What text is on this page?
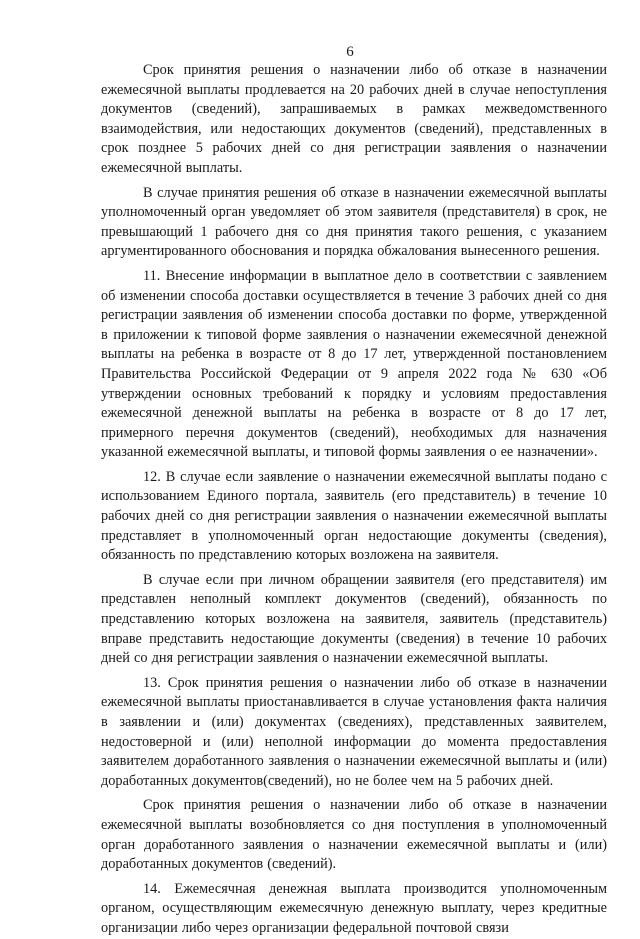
6

Срок принятия решения о назначении либо об отказе в назначении ежемесячной выплаты продлевается на 20 рабочих дней в случае непоступления документов (сведений), запрашиваемых в рамках межведомственного взаимодействия, или недостающих документов (сведений), представленных в срок позднее 5 рабочих дней со дня регистрации заявления о назначении ежемесячной выплаты.

В случае принятия решения об отказе в назначении ежемесячной выплаты уполномоченный орган уведомляет об этом заявителя (представителя) в срок, не превышающий 1 рабочего дня со дня принятия такого решения, с указанием аргументированного обоснования и порядка обжалования вынесенного решения.

11. Внесение информации в выплатное дело в соответствии с заявлением об изменении способа доставки осуществляется в течение 3 рабочих дней со дня регистрации заявления об изменении способа доставки по форме, утвержденной в приложении к типовой форме заявления о назначении ежемесячной денежной выплаты на ребенка в возрасте от 8 до 17 лет, утвержденной постановлением Правительства Российской Федерации от 9 апреля 2022 года № 630 «Об утверждении основных требований к порядку и условиям предоставления ежемесячной денежной выплаты на ребенка в возрасте от 8 до 17 лет, примерного перечня документов (сведений), необходимых для назначения указанной ежемесячной выплаты, и типовой формы заявления о ее назначении».

12. В случае если заявление о назначении ежемесячной выплаты подано с использованием Единого портала, заявитель (его представитель) в течение 10 рабочих дней со дня регистрации заявления о назначении ежемесячной выплаты представляет в уполномоченный орган недостающие документы (сведения), обязанность по представлению которых возложена на заявителя.

В случае если при личном обращении заявителя (его представителя) им представлен неполный комплект документов (сведений), обязанность по представлению которых возложена на заявителя, заявитель (представитель) вправе представить недостающие документы (сведения) в течение 10 рабочих дней со дня регистрации заявления о назначении ежемесячной выплаты.

13. Срок принятия решения о назначении либо об отказе в назначении ежемесячной выплаты приостанавливается в случае установления факта наличия в заявлении и (или) документах (сведениях), представленных заявителем, недостоверной и (или) неполной информации до момента предоставления заявителем доработанного заявления о назначении ежемесячной выплаты и (или) доработанных документов(сведений), но не более чем на 5 рабочих дней.

Срок принятия решения о назначении либо об отказе в назначении ежемесячной выплаты возобновляется со дня поступления в уполномоченный орган доработанного заявления о назначении ежемесячной выплаты и (или) доработанных документов (сведений).

14. Ежемесячная денежная выплата производится уполномоченным органом, осуществляющим ежемесячную денежную выплату, через кредитные организации либо через организации федеральной почтовой связи
